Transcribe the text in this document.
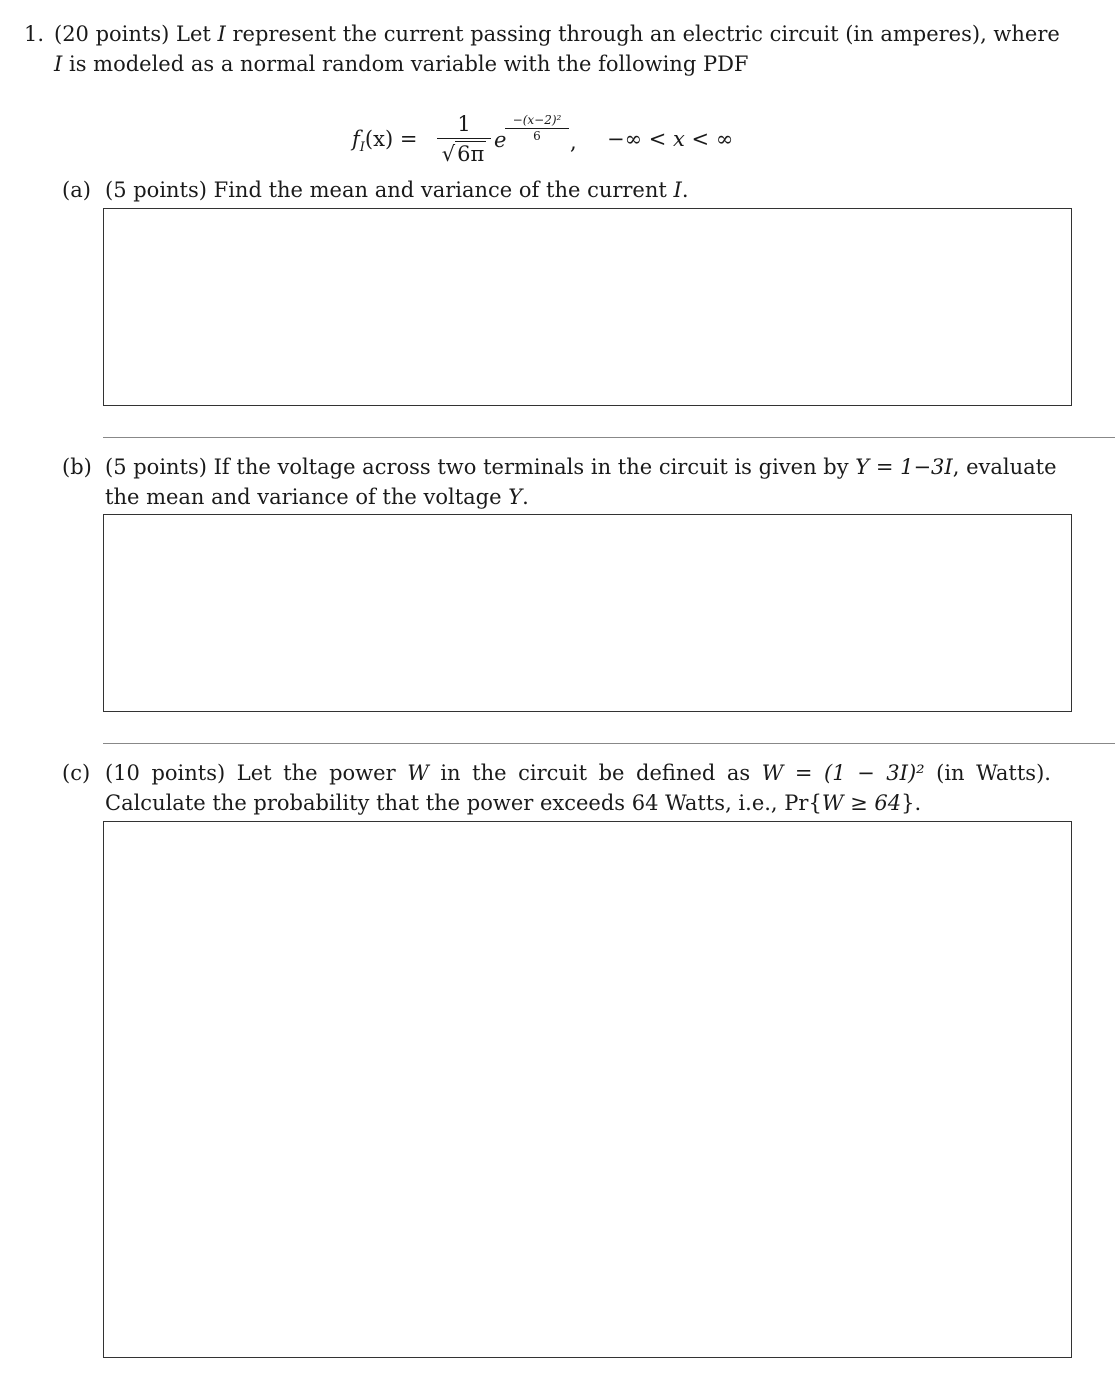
1. (20 points) Let I represent the current passing through an electric circuit (in amperes), where
I is modeled as a normal random variable with the following PDF
$f_I(x)$ =
1
√6π
e
−(x−2)²
6	, −∞ < x < ∞
(a) (5 points) Find the mean and variance of the current I.
(b) (5 points) If the voltage across two terminals in the circuit is given by Y = 1−3I, evaluate
the mean and variance of the voltage Y.
(c) (10 points) Let the power W in the circuit be defined as W = (1 − 3I)² (in Watts).
Calculate the probability that the power exceeds 64 Watts, i.e., Pr{W ≥ 64}.
